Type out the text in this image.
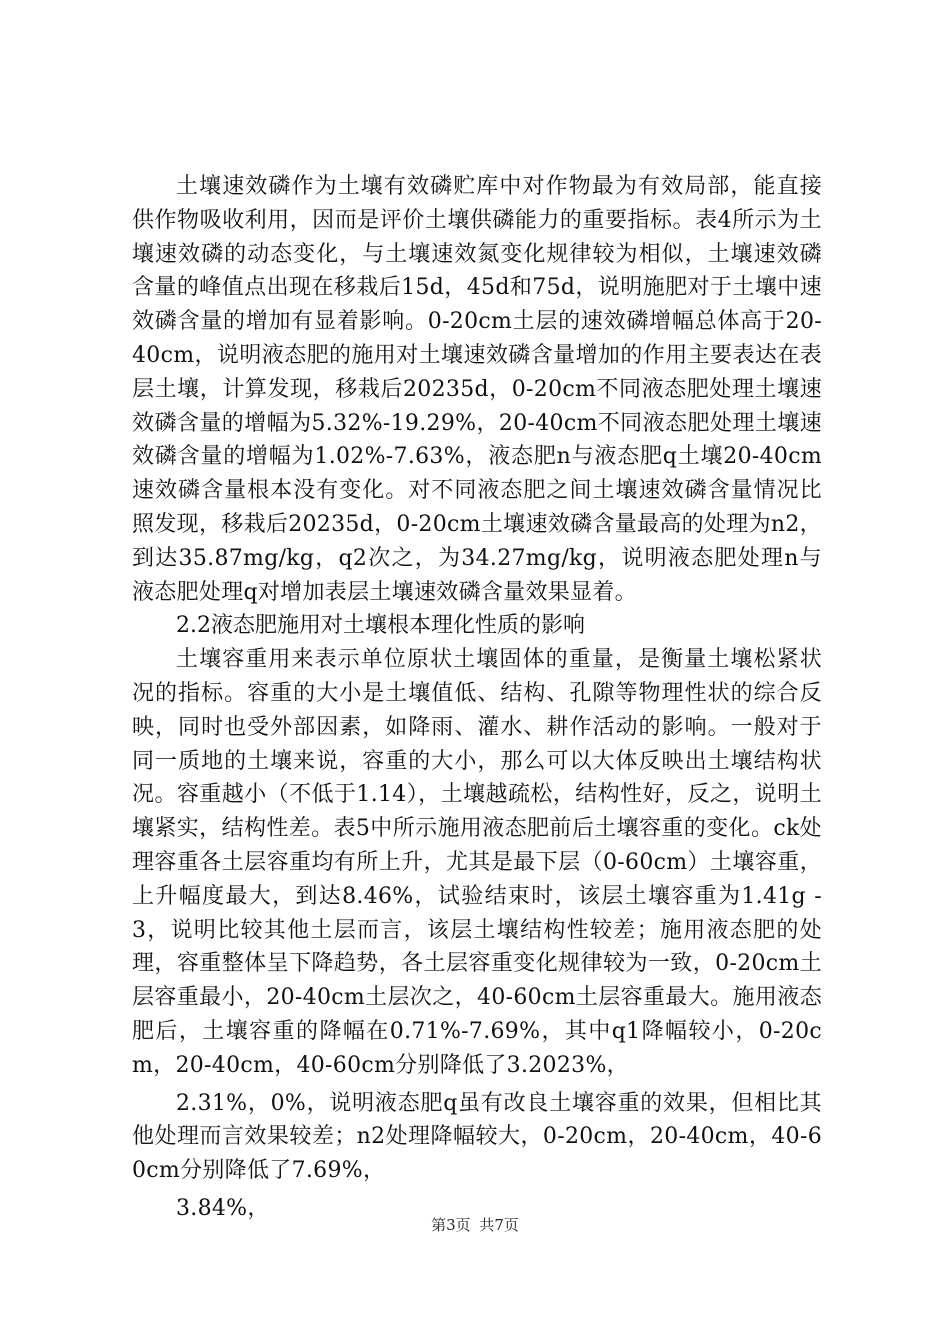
土壤速效磷作为土壤有效磷贮库中对作物最为有效局部，能直接供作物吸收利用，因而是评价土壤供磷能力的重要指标。表4所示为土壤速效磷的动态变化，与土壤速效氮变化规律较为相似，土壤速效磷含量的峰值点出现在移栽后15d，45d和75d，说明施肥对于土壤中速效磷含量的增加有显着影响。0-20cm土层的速效磷增幅总体高于20-40cm，说明液态肥的施用对土壤速效磷含量增加的作用主要表达在表层土壤，计算发现，移栽后20235d，0-20cm不同液态肥处理土壤速效磷含量的增幅为5.32%-19.29%，20-40cm不同液态肥处理土壤速效磷含量的增幅为1.02%-7.63%，液态肥n与液态肥q土壤20-40cm速效磷含量根本没有变化。对不同液态肥之间土壤速效磷含量情况比照发现，移栽后20235d，0-20cm土壤速效磷含量最高的处理为n2，到达35.87mg/kg，q2次之，为34.27mg/kg，说明液态肥处理n与液态肥处理q对增加表层土壤速效磷含量效果显着。

2.2液态肥施用对土壤根本理化性质的影响

土壤容重用来表示单位原状土壤固体的重量，是衡量土壤松紧状况的指标。容重的大小是土壤值低、结构、孔隙等物理性状的综合反映，同时也受外部因素，如降雨、灌水、耕作活动的影响。一般对于同一质地的土壤来说，容重的大小，那么可以大体反映出土壤结构状况。容重越小（不低于1.14），土壤越疏松，结构性好，反之，说明土壤紧实，结构性差。表5中所示施用液态肥前后土壤容重的变化。ck处理容重各土层容重均有所上升，尤其是最下层（0-60cm）土壤容重，上升幅度最大，到达8.46%，试验结束时，该层土壤容重为1.41g -3，说明比较其他土层而言，该层土壤结构性较差；施用液态肥的处理，容重整体呈下降趋势，各土层容重变化规律较为一致，0-20cm土层容重最小，20-40cm土层次之，40-60cm土层容重最大。施用液态肥后，土壤容重的降幅在0.71%-7.69%，其中q1降幅较小，0-20cm，20-40cm，40-60cm分别降低了3.2023%，

2.31%，0%，说明液态肥q虽有改良土壤容重的效果，但相比其他处理而言效果较差；n2处理降幅较大，0-20cm，20-40cm，40-60cm分别降低了7.69%，

3.84%，

第3页 共7页
